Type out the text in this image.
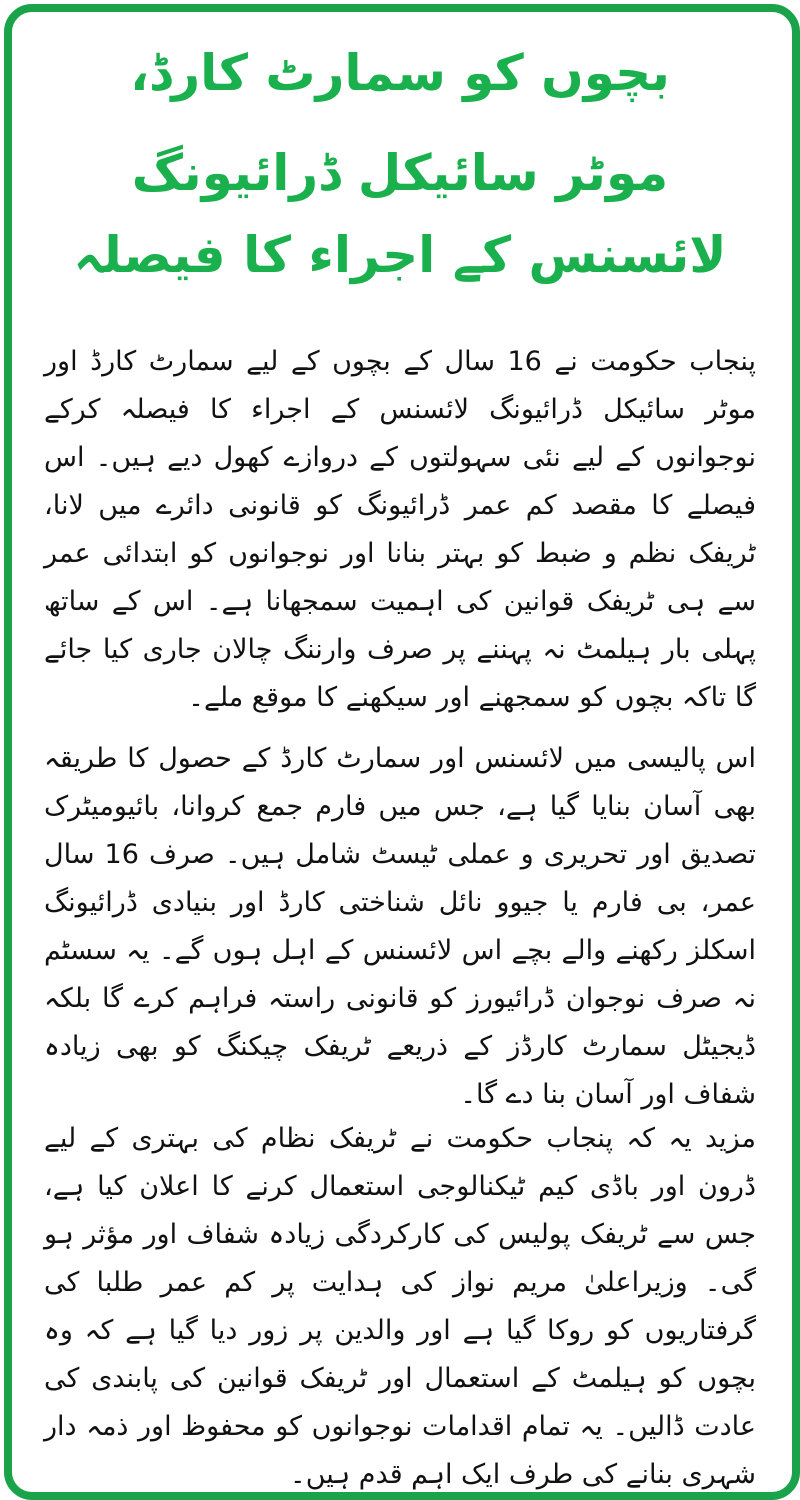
بچوں کو سمارٹ کارڈ،
موٹر سائیکل ڈرائیونگ
لائسنس کے اجراء کا فیصلہ

پنجاب حکومت نے 16 سال کے بچوں کے لیے سمارٹ کارڈ اور موٹر سائیکل ڈرائیونگ لائسنس کے اجراء کا فیصلہ کرکے نوجوانوں کے لیے نئی سہولتوں کے دروازے کھول دیے ہیں۔ اس فیصلے کا مقصد کم عمر ڈرائیونگ کو قانونی دائرے میں لانا، ٹریفک نظم و ضبط کو بہتر بنانا اور نوجوانوں کو ابتدائی عمر سے ہی ٹریفک قوانین کی اہمیت سمجھانا ہے۔ اس کے ساتھ پہلی بار ہیلمٹ نہ پہننے پر صرف وارننگ چالان جاری کیا جائے گا تاکہ بچوں کو سمجھنے اور سیکھنے کا موقع ملے۔

اس پالیسی میں لائسنس اور سمارٹ کارڈ کے حصول کا طریقہ بھی آسان بنایا گیا ہے، جس میں فارم جمع کروانا، بائیومیٹرک تصدیق اور تحریری و عملی ٹیسٹ شامل ہیں۔ صرف 16 سال عمر، بی فارم یا جیوو نائل شناختی کارڈ اور بنیادی ڈرائیونگ اسکلز رکھنے والے بچے اس لائسنس کے اہل ہوں گے۔ یہ سسٹم نہ صرف نوجوان ڈرائیورز کو قانونی راستہ فراہم کرے گا بلکہ ڈیجیٹل سمارٹ کارڈز کے ذریعے ٹریفک چیکنگ کو بھی زیادہ شفاف اور آسان بنا دے گا۔

مزید یہ کہ پنجاب حکومت نے ٹریفک نظام کی بہتری کے لیے ڈرون اور باڈی کیم ٹیکنالوجی استعمال کرنے کا اعلان کیا ہے، جس سے ٹریفک پولیس کی کارکردگی زیادہ شفاف اور مؤثر ہو گی۔ وزیراعلیٰ مریم نواز کی ہدایت پر کم عمر طلبا کی گرفتاریوں کو روکا گیا ہے اور والدین پر زور دیا گیا ہے کہ وہ بچوں کو ہیلمٹ کے استعمال اور ٹریفک قوانین کی پابندی کی عادت ڈالیں۔ یہ تمام اقدامات نوجوانوں کو محفوظ اور ذمہ دار شہری بنانے کی طرف ایک اہم قدم ہیں۔
